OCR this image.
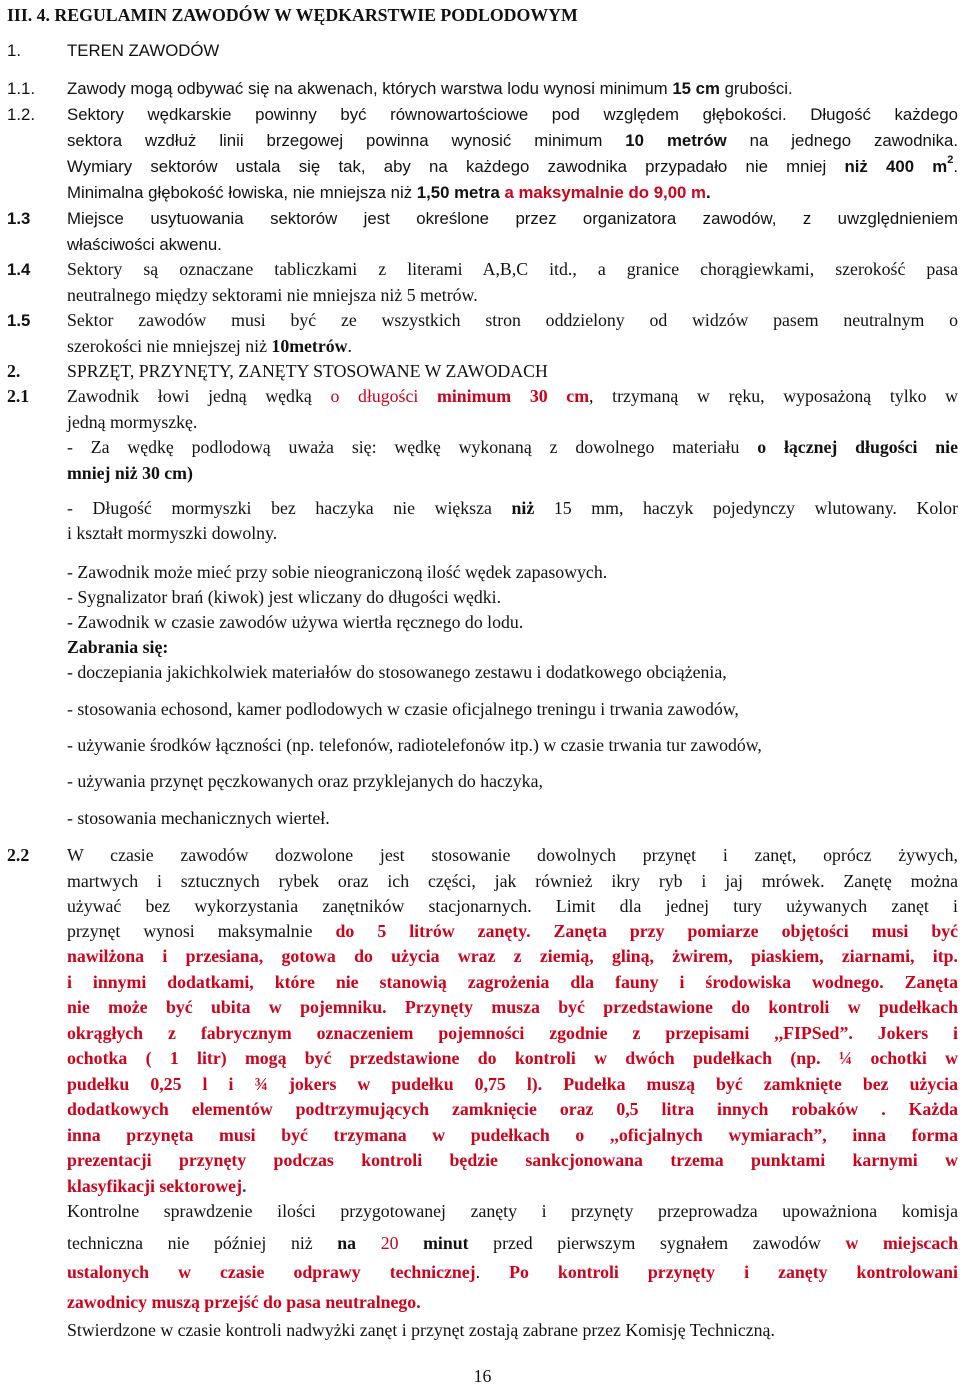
III. 4. REGULAMIN ZAWODÓW W WĘDKARSTWIE PODLODOWYM
1.	TEREN ZAWODÓW
1.1. Zawody mogą odbywać się na akwenach, których warstwa lodu wynosi minimum 15 cm grubości.
1.2. Sektory wędkarskie powinny być równowartościowe pod względem głębokości. Długość każdego
sektora wzdłuż linii brzegowej powinna wynosić minimum 10 metrów na jednego zawodnika.
Wymiary sektorów ustala się tak, aby na każdego zawodnika przypadało nie mniej niż 400 $m^2$.
Minimalna głębokość łowiska, nie mniejsza niż 1,50 metra a maksymalnie do 9,00 m.
1.3 Miejsce usytuowania sektorów jest określone przez organizatora zawodów, z uwzględnieniem
właściwości akwenu.
1.4 Sektory są oznaczane tabliczkami z literami A,B,C itd., a granice chorągiewkami, szerokość pasa
neutralnego między sektorami nie mniejsza niż 5 metrów.
1.5 Sektor zawodów musi być ze wszystkich stron oddzielony od widzów pasem neutralnym o
szerokości nie mniejszej niż 10metrów.
2.	SPRZĘT, PRZYNĘTY, ZANĘTY STOSOWANE W ZAWODACH
2.1 Zawodnik łowi jedną wędką o długości minimum 30 cm, trzymaną w ręku, wyposażoną tylko w
jedną mormyszkę.
- Za wędkę podlodową uważa się: wędkę wykonaną z dowolnego materiału o łącznej długości nie
mniej niż 30 cm)
- Długość mormyszki bez haczyka nie większa niż 15 mm, haczyk pojedynczy wlutowany. Kolor
i kształt mormyszki dowolny.
- Zawodnik może mieć przy sobie nieograniczoną ilość wędek zapasowych.
- Sygnalizator brań (kiwok) jest wliczany do długości wędki.
- Zawodnik w czasie zawodów używa wiertła ręcznego do lodu.
Zabrania się:
- doczepiania jakichkolwiek materiałów do stosowanego zestawu i dodatkowego obciążenia,
- stosowania echosond, kamer podlodowych w czasie oficjalnego treningu i trwania zawodów,
- używanie środków łączności (np. telefonów, radiotelefonów itp.) w czasie trwania tur zawodów,
- używania przynęt pęczkowanych oraz przyklejanych do haczyka,
- stosowania mechanicznych wierteł.
2.2 W czasie zawodów dozwolone jest stosowanie dowolnych przynęt i zanęt, oprócz żywych,
martwych i sztucznych rybek oraz ich części, jak również ikry ryb i jaj mrówek. Zanętę można
używać bez wykorzystania zanętników stacjonarnych. Limit dla jednej tury używanych zanęt i
przynęt wynosi maksymalnie do 5 litrów zanęty. Zanęta przy pomiarze objętości musi być
nawilżona i przesiana, gotowa do użycia wraz z ziemią, gliną, żwirem, piaskiem, ziarnami, itp.
i innymi dodatkami, które nie stanowią zagrożenia dla fauny i środowiska wodnego. Zanęta
nie może być ubita w pojemniku. Przynęty musza być przedstawione do kontroli w pudełkach
okrągłych z fabrycznym oznaczeniem pojemności zgodnie z przepisami ,,FIPSed”. Jokers i
ochotka ( 1 litr) mogą być przedstawione do kontroli w dwóch pudełkach (np. ¼ ochotki w
pudełku 0,25 l i ¾ jokers w pudełku 0,75 l). Pudełka muszą być zamknięte bez użycia
dodatkowych elementów podtrzymujących zamknięcie oraz 0,5 litra innych robaków . Każda
inna przynęta musi być trzymana w pudełkach o ,,oficjalnych wymiarach”, inna forma
prezentacji przynęty podczas kontroli będzie sankcjonowana trzema punktami karnymi w
klasyfikacji sektorowej.
Kontrolne sprawdzenie ilości przygotowanej zanęty i przynęty przeprowadza upoważniona komisja
techniczna nie później niż na 20 minut przed pierwszym sygnałem zawodów w miejscach
ustalonych w czasie odprawy technicznej. Po kontroli przynęty i zanęty kontrolowani
zawodnicy muszą przejść do pasa neutralnego.
Stwierdzone w czasie kontroli nadwyżki zanęt i przynęt zostają zabrane przez Komisję Techniczną.
16
